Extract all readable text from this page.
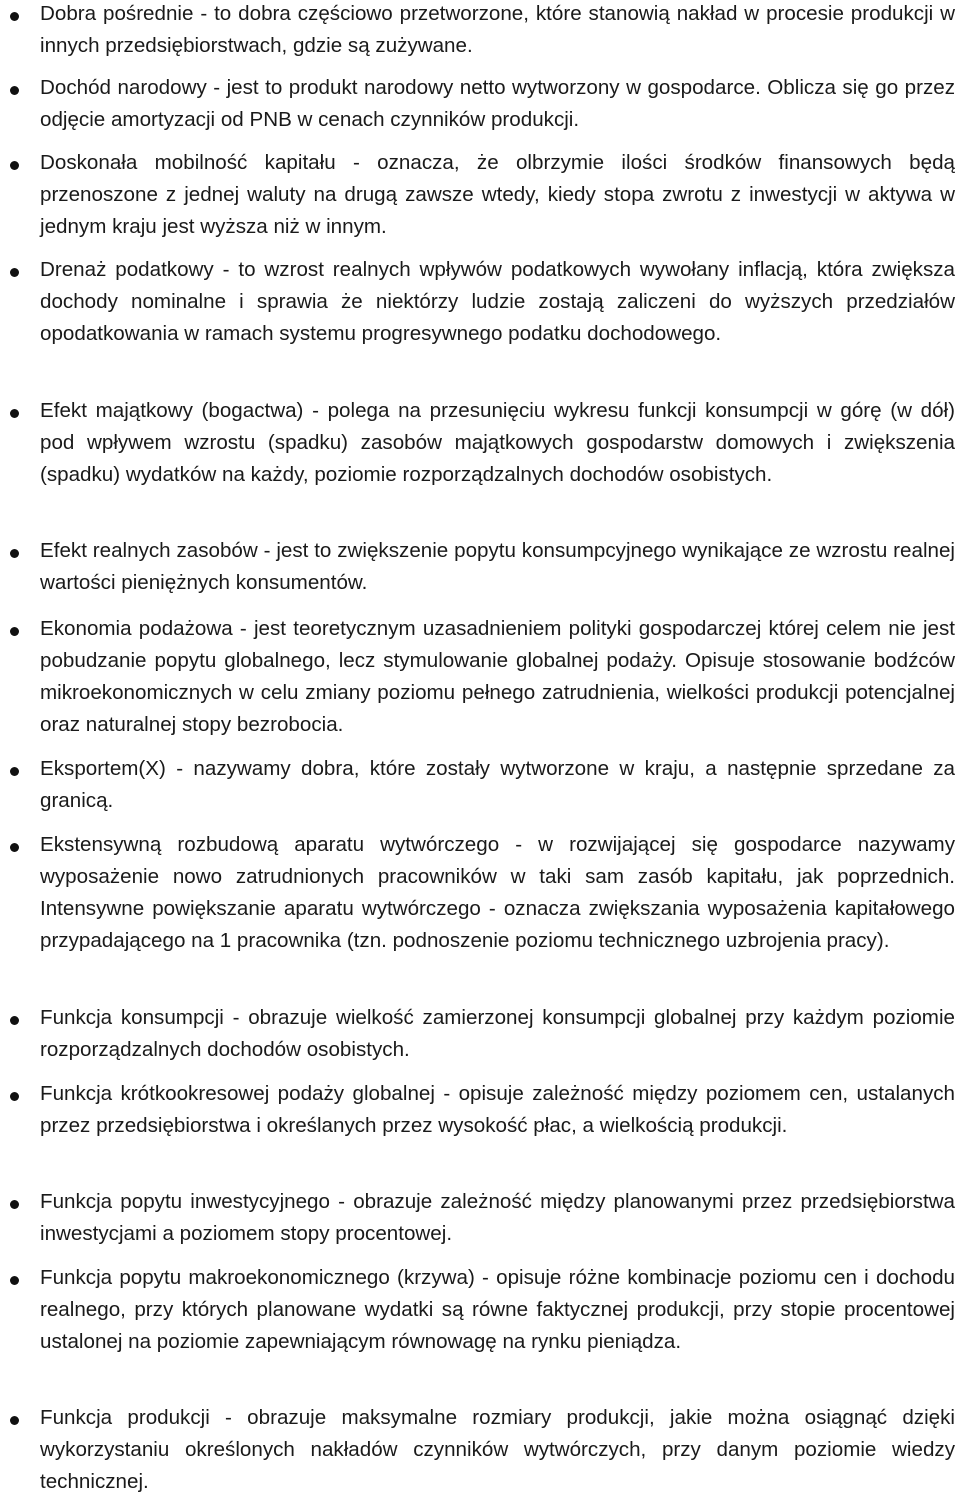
Dobra pośrednie - to dobra częściowo przetworzone, które stanowią nakład w procesie produkcji w innych przedsiębiorstwach, gdzie są zużywane.

Dochód narodowy - jest to produkt narodowy netto wytworzony w gospodarce. Oblicza się go przez odjęcie amortyzacji od PNB w cenach czynników produkcji.

Doskonała mobilność kapitału - oznacza, że olbrzymie ilości środków finansowych będą przenoszone z jednej waluty na drugą zawsze wtedy, kiedy stopa zwrotu z inwestycji w aktywa w jednym kraju jest wyższa niż w innym.

Drenaż podatkowy - to wzrost realnych wpływów podatkowych wywołany inflacją, która zwiększa dochody nominalne i sprawia że niektórzy ludzie zostają zaliczeni do wyższych przedziałów opodatkowania w ramach systemu progresywnego podatku dochodowego.

Efekt majątkowy (bogactwa) - polega na przesunięciu wykresu funkcji konsumpcji w górę (w dół) pod wpływem wzrostu (spadku) zasobów majątkowych gospodarstw domowych i zwiększenia (spadku) wydatków na każdy, poziomie rozporządzalnych dochodów osobistych.

Efekt realnych zasobów - jest to zwiększenie popytu konsumpcyjnego wynikające ze wzrostu realnej wartości pieniężnych konsumentów.

Ekonomia podażowa - jest teoretycznym uzasadnieniem polityki gospodarczej której celem nie jest pobudzanie popytu globalnego, lecz stymulowanie globalnej podaży. Opisuje stosowanie bodźców mikroekonomicznych w celu zmiany poziomu pełnego zatrudnienia, wielkości produkcji potencjalnej oraz naturalnej stopy bezrobocia.

Eksportem(X) - nazywamy dobra, które zostały wytworzone w kraju, a następnie sprzedane za granicą.

Ekstensywną rozbudową aparatu wytwórczego - w rozwijającej się gospodarce nazywamy wyposażenie nowo zatrudnionych pracowników w taki sam zasób kapitału, jak poprzednich. Intensywne powiększanie aparatu wytwórczego - oznacza zwiększania wyposażenia kapitałowego przypadającego na 1 pracownika (tzn. podnoszenie poziomu technicznego uzbrojenia pracy).

Funkcja konsumpcji - obrazuje wielkość zamierzonej konsumpcji globalnej przy każdym poziomie rozporządzalnych dochodów osobistych.

Funkcja krótkookresowej podaży globalnej - opisuje zależność między poziomem cen, ustalanych przez przedsiębiorstwa i określanych przez wysokość płac, a wielkością produkcji.

Funkcja popytu inwestycyjnego - obrazuje zależność między planowanymi przez przedsiębiorstwa inwestycjami a poziomem stopy procentowej.

Funkcja popytu makroekonomicznego (krzywa) - opisuje różne kombinacje poziomu cen i dochodu realnego, przy których planowane wydatki są równe faktycznej produkcji, przy stopie procentowej ustalonej na poziomie zapewniającym równowagę na rynku pieniądza.

Funkcja produkcji - obrazuje maksymalne rozmiary produkcji, jakie można osiągnąć dzięki wykorzystaniu określonych nakładów czynników wytwórczych, przy danym poziomie wiedzy technicznej.
